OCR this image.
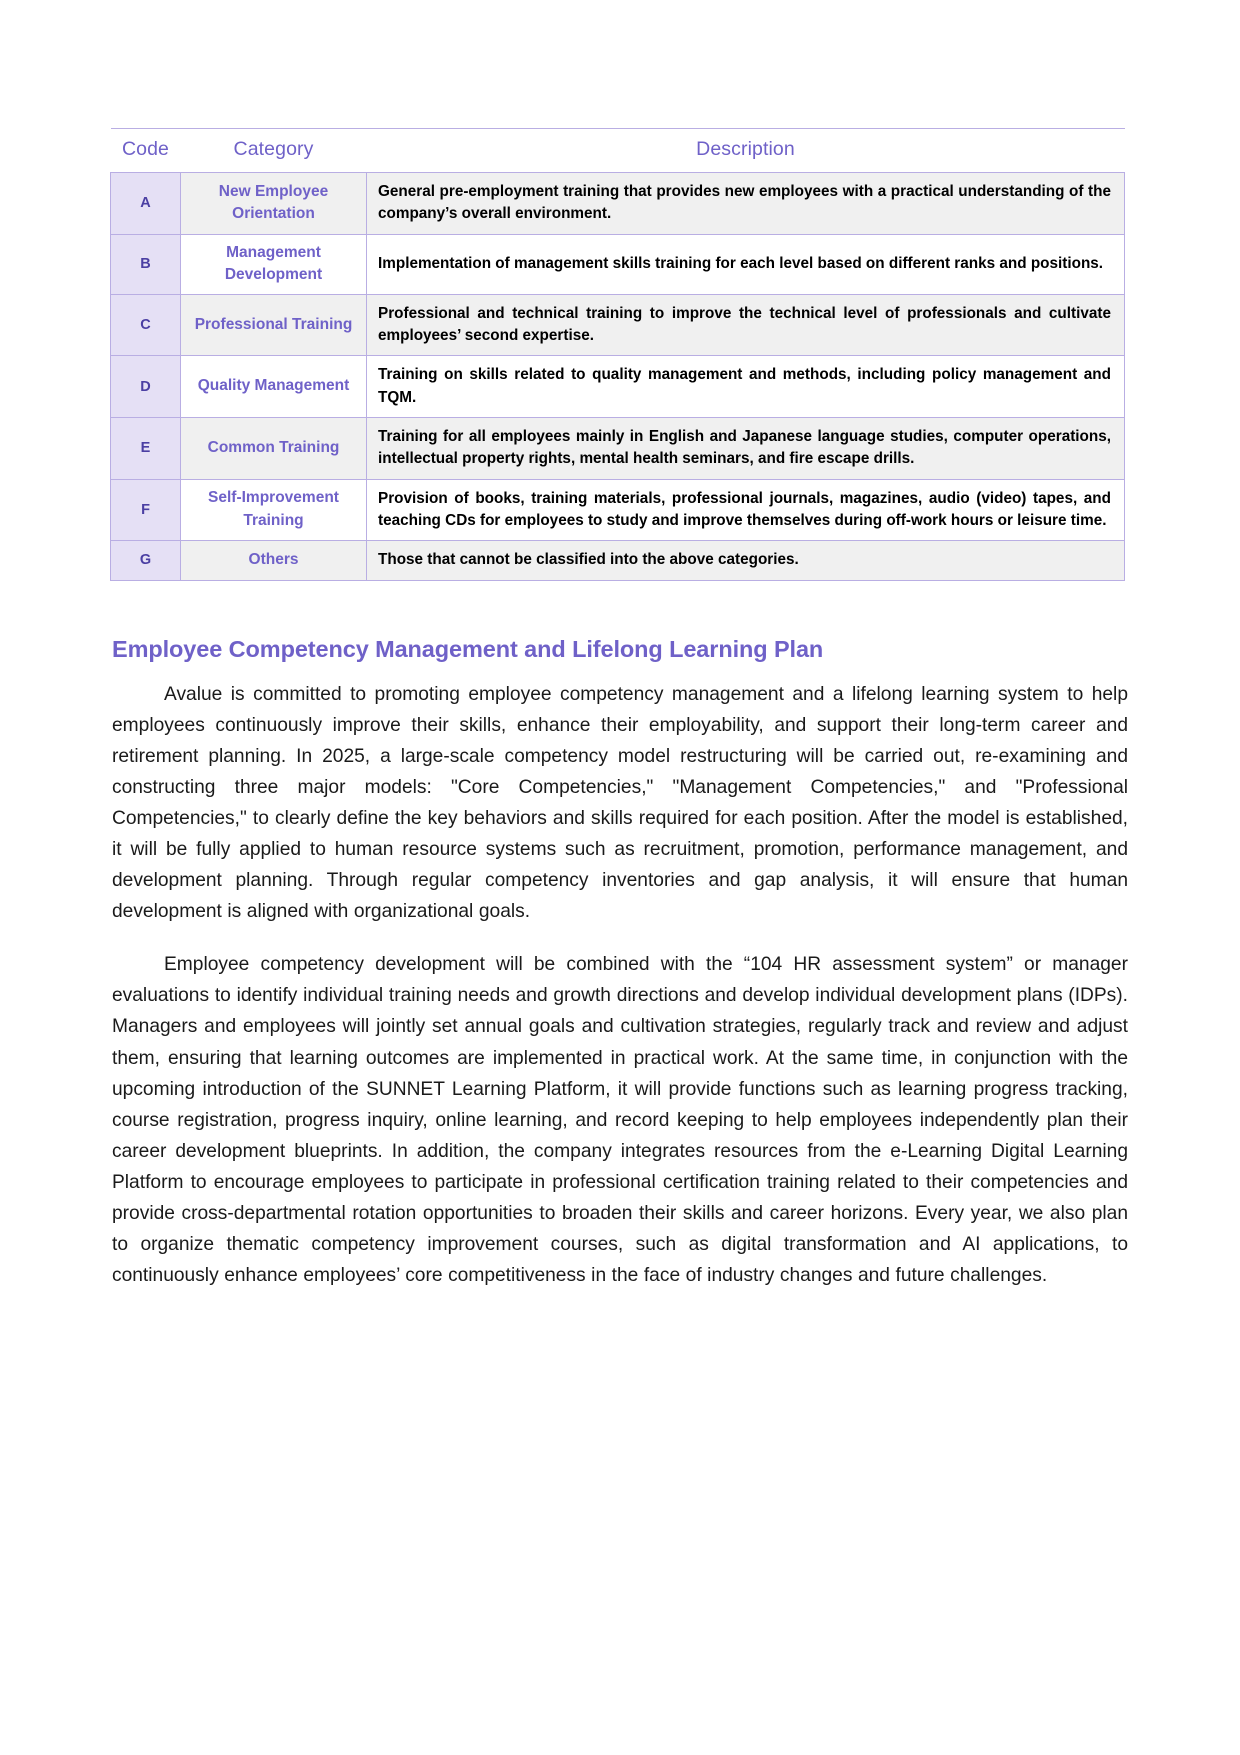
Code	Category	Description
A	New Employee Orientation	General pre-employment training that provides new employees with a practical understanding of the company’s overall environment.
B	Management Development	Implementation of management skills training for each level based on different ranks and positions.
C	Professional Training	Professional and technical training to improve the technical level of professionals and cultivate employees’ second expertise.
D	Quality Management	Training on skills related to quality management and methods, including policy management and TQM.
E	Common Training	Training for all employees mainly in English and Japanese language studies, computer operations, intellectual property rights, mental health seminars, and fire escape drills.
F	Self-Improvement Training	Provision of books, training materials, professional journals, magazines, audio (video) tapes, and teaching CDs for employees to study and improve themselves during off-work hours or leisure time.
G	Others	Those that cannot be classified into the above categories.
Employee Competency Management and Lifelong Learning Plan

Avalue is committed to promoting employee competency management and a lifelong learning system to help employees continuously improve their skills, enhance their employability, and support their long-term career and retirement planning. In 2025, a large-scale competency model restructuring will be carried out, re-examining and constructing three major models: "Core Competencies," "Management Competencies," and "Professional Competencies," to clearly define the key behaviors and skills required for each position. After the model is established, it will be fully applied to human resource systems such as recruitment, promotion, performance management, and development planning. Through regular competency inventories and gap analysis, it will ensure that human development is aligned with organizational goals.

Employee competency development will be combined with the “104 HR assessment system” or manager evaluations to identify individual training needs and growth directions and develop individual development plans (IDPs). Managers and employees will jointly set annual goals and cultivation strategies, regularly track and review and adjust them, ensuring that learning outcomes are implemented in practical work. At the same time, in conjunction with the upcoming introduction of the SUNNET Learning Platform, it will provide functions such as learning progress tracking, course registration, progress inquiry, online learning, and record keeping to help employees independently plan their career development blueprints. In addition, the company integrates resources from the e-Learning Digital Learning Platform to encourage employees to participate in professional certification training related to their competencies and provide cross-departmental rotation opportunities to broaden their skills and career horizons. Every year, we also plan to organize thematic competency improvement courses, such as digital transformation and AI applications, to continuously enhance employees’ core competitiveness in the face of industry changes and future challenges.
